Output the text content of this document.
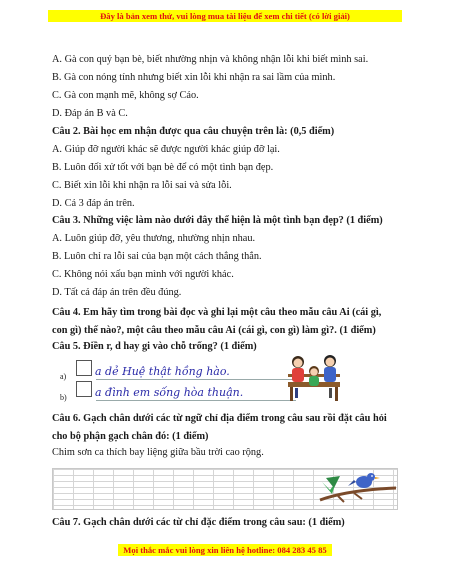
Đây là bản xem thử, vui lòng mua tài liệu để xem chi tiết (có lời giải)
A. Gà con quý bạn bè, biết nhường nhịn và không nhận lỗi khi biết mình sai.
B. Gà con nóng tính nhưng biết xin lỗi khi nhận ra sai lầm của mình.
C. Gà con mạnh mẽ, không sợ Cáo.
D. Đáp án B và C.
Câu 2. Bài học em nhận được qua câu chuyện trên là: (0,5 điểm)
A. Giúp đỡ người khác sẽ được người khác giúp đỡ lại.
B. Luôn đối xử tốt với bạn bè để có một tình bạn đẹp.
C. Biết xin lỗi khi nhận ra lỗi sai và sửa lỗi.
D. Cả 3 đáp án trên.
Câu 3. Những việc làm nào dưới đây thể hiện là một tình bạn đẹp? (1 điểm)
A. Luôn giúp đỡ, yêu thương, nhường nhịn nhau.
B. Luôn chỉ ra lỗi sai của bạn một cách thẳng thắn.
C. Không nói xấu bạn mình với người khác.
D. Tất cả đáp án trên đều đúng.
Câu 4. Em hãy tìm trong bài đọc và ghi lại một câu theo mẫu câu Ai (cái gì, con gì) thế nào?, một câu theo mẫu câu Ai (cái gì, con gì) làm gì?. (1 điểm)
Câu 5. Điền r, d hay gi vào chỗ trống? (1 điểm)
a)	a dẻ Huệ thật hồng hào.
b)	a đình em sống hòa thuận.
Câu 6. Gạch chân dưới các từ ngữ chỉ địa điểm trong câu sau rồi đặt câu hỏi cho bộ phận gạch chân đó: (1 điểm)
Chim sơn ca thích bay liệng giữa bầu trời cao rộng.
Câu 7. Gạch chân dưới các từ chỉ đặc điểm trong câu sau: (1 điểm)
Mọi thắc mắc vui lòng xin liên hệ hotline: 084 283 45 85
